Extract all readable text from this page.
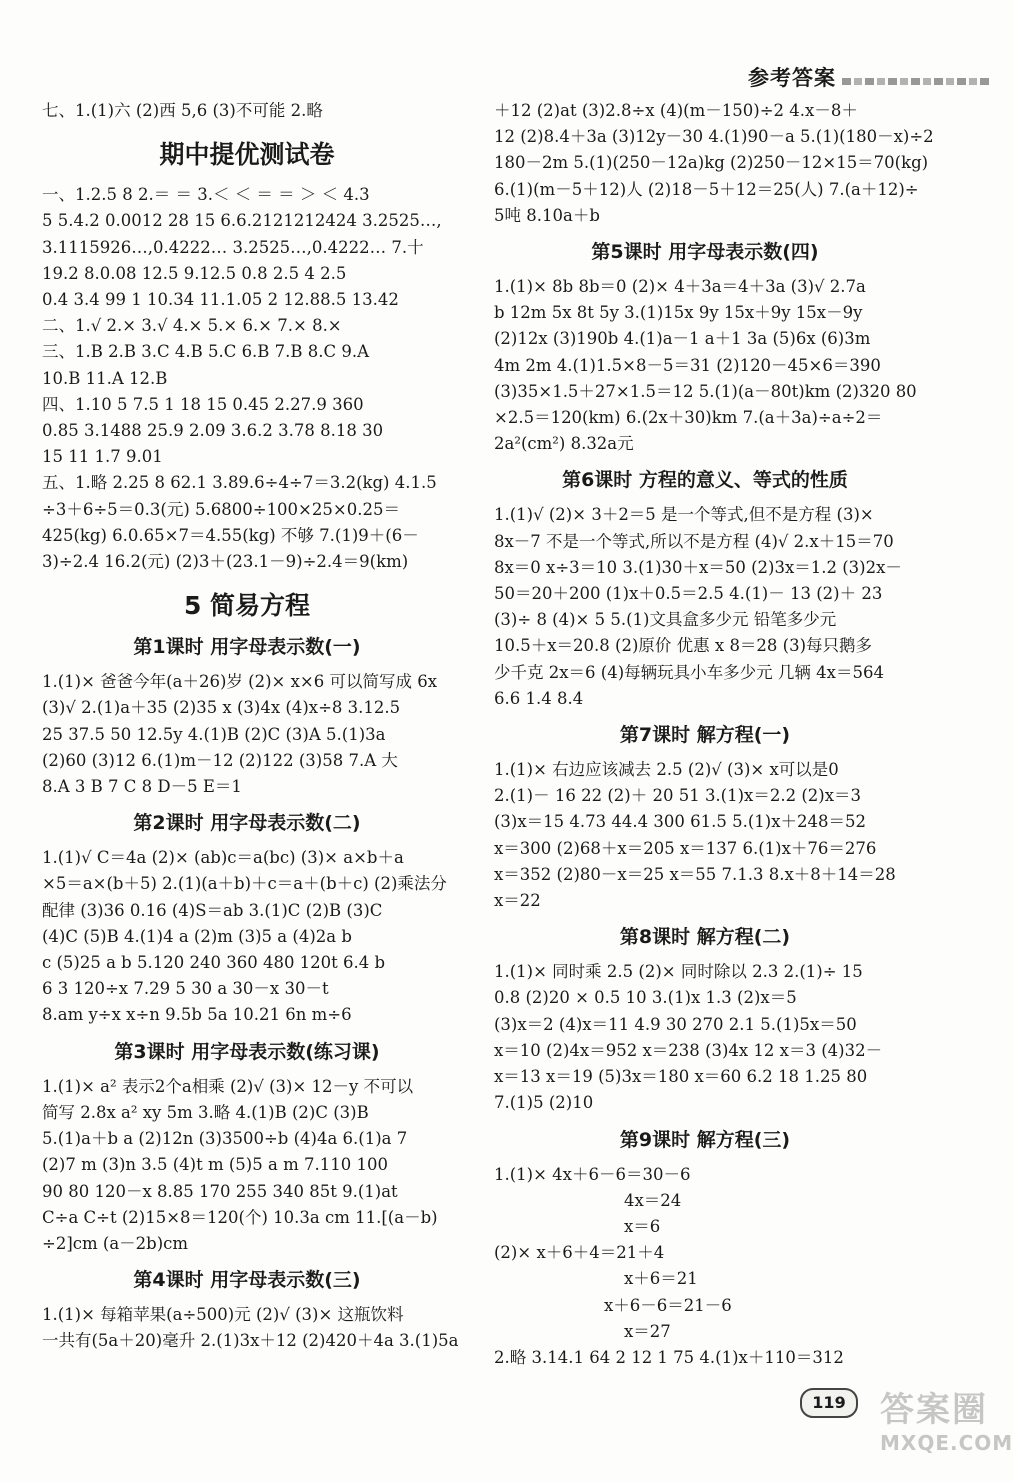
参考答案

七、1.(1)六 (2)西 5,6 (3)不可能 2.略

期中提优测试卷

一、1.2.5 8 2.＝ ＝ 3.＜ ＜ ＝ ＝ ＞ ＜ 4.3

5 5.4.2 0.0012 28 15 6.6.2121212424 3.2525…,

3.1115926…,0.4222… 3.2525…,0.4222… 7.十

19.2 8.0.08 12.5 9.12.5 0.8 2.5 4 2.5

0.4 3.4 99 1 10.34 11.1.05 2 12.88.5 13.42

二、1.√ 2.× 3.√ 4.× 5.× 6.× 7.× 8.×

三、1.B 2.B 3.C 4.B 5.C 6.B 7.B 8.C 9.A

10.B 11.A 12.B

四、1.10 5 7.5 1 18 15 0.45 2.27.9 360

0.85 3.1488 25.9 2.09 3.6.2 3.78 8.18 30

15 11 1.7 9.01

五、1.略 2.25 8 62.1 3.89.6÷4÷7＝3.2(kg) 4.1.5

÷3＋6÷5＝0.3(元) 5.6800÷100×25×0.25＝

425(kg) 6.0.65×7＝4.55(kg) 不够 7.(1)9＋(6－

3)÷2.4 16.2(元) (2)3＋(23.1－9)÷2.4＝9(km)

5 简易方程
第1课时 用字母表示数(一)

1.(1)× 爸爸今年(a＋26)岁 (2)× x×6 可以简写成 6x

(3)√ 2.(1)a＋35 (2)35 x (3)4x (4)x÷8 3.12.5

25 37.5 50 12.5y 4.(1)B (2)C (3)A 5.(1)3a

(2)60 (3)12 6.(1)m－12 (2)122 (3)58 7.A 大

8.A 3 B 7 C 8 D－5 E＝1

第2课时 用字母表示数(二)

1.(1)√ C＝4a (2)× (ab)c＝a(bc) (3)× a×b＋a

×5＝a×(b＋5) 2.(1)(a＋b)＋c＝a＋(b＋c) (2)乘法分

配律 (3)36 0.16 (4)S＝ab 3.(1)C (2)B (3)C

(4)C (5)B 4.(1)4 a (2)m (3)5 a (4)2a b

c (5)25 a b 5.120 240 360 480 120t 6.4 b

6 3 120÷x 7.29 5 30 a 30－x 30－t

8.am y÷x x÷n 9.5b 5a 10.21 6n m÷6

第3课时 用字母表示数(练习课)

1.(1)× a² 表示2个a相乘 (2)√ (3)× 12－y 不可以

简写 2.8x a² xy 5m 3.略 4.(1)B (2)C (3)B

5.(1)a＋b a (2)12n (3)3500÷b (4)4a 6.(1)a 7

(2)7 m (3)n 3.5 (4)t m (5)5 a m 7.110 100

90 80 120－x 8.85 170 255 340 85t 9.(1)at

C÷a C÷t (2)15×8＝120(个) 10.3a cm 11.[(a－b)

÷2]cm (a－2b)cm

第4课时 用字母表示数(三)

1.(1)× 每箱苹果(a÷500)元 (2)√ (3)× 这瓶饮料

一共有(5a＋20)毫升 2.(1)3x＋12 (2)420＋4a 3.(1)5a

＋12 (2)at (3)2.8÷x (4)(m－150)÷2 4.x－8＋

12 (2)8.4＋3a (3)12y－30 4.(1)90－a 5.(1)(180－x)÷2

180－2m 5.(1)(250－12a)kg (2)250－12×15＝70(kg)

6.(1)(m－5＋12)人 (2)18－5＋12＝25(人) 7.(a＋12)÷

5吨 8.10a＋b

第5课时 用字母表示数(四)

1.(1)× 8b 8b＝0 (2)× 4＋3a＝4＋3a (3)√ 2.7a

b 12m 5x 8t 5y 3.(1)15x 9y 15x＋9y 15x－9y

(2)12x (3)190b 4.(1)a－1 a＋1 3a (5)6x (6)3m

4m 2m 4.(1)1.5×8－5＝31 (2)120－45×6＝390

(3)35×1.5＋27×1.5＝12 5.(1)(a－80t)km (2)320 80

×2.5＝120(km) 6.(2x＋30)km 7.(a＋3a)÷a÷2＝

2a²(cm²) 8.32a元

第6课时 方程的意义、等式的性质

1.(1)√ (2)× 3＋2＝5 是一个等式,但不是方程 (3)×

8x－7 不是一个等式,所以不是方程 (4)√ 2.x＋15＝70

8x＝0 x÷3＝10 3.(1)30＋x＝50 (2)3x＝1.2 (3)2x－

50＝20＋200 (1)x＋0.5＝2.5 4.(1)－ 13 (2)＋ 23

(3)÷ 8 (4)× 5 5.(1)文具盒多少元 铅笔多少元

10.5＋x＝20.8 (2)原价 优惠 x 8＝28 (3)每只鹅多

少千克 2x＝6 (4)每辆玩具小车多少元 几辆 4x＝564

6.6 1.4 8.4

第7课时 解方程(一)

1.(1)× 右边应该减去 2.5 (2)√ (3)× x可以是0

2.(1)－ 16 22 (2)＋ 20 51 3.(1)x＝2.2 (2)x＝3

(3)x＝15 4.73 44.4 300 61.5 5.(1)x＋248＝52

x＝300 (2)68＋x＝205 x＝137 6.(1)x＋76＝276

x＝352 (2)80－x＝25 x＝55 7.1.3 8.x＋8＋14＝28

x＝22

第8课时 解方程(二)

1.(1)× 同时乘 2.5 (2)× 同时除以 2.3 2.(1)÷ 15

0.8 (2)20 × 0.5 10 3.(1)x 1.3 (2)x＝5

(3)x＝2 (4)x＝11 4.9 30 270 2.1 5.(1)5x＝50

x＝10 (2)4x＝952 x＝238 (3)4x 12 x＝3 (4)32－

x＝13 x＝19 (5)3x＝180 x＝60 6.2 18 1.25 80

7.(1)5 (2)10

第9课时 解方程(三)

1.(1)× 4x＋6－6＝30－6

4x＝24

x＝6

(2)× x＋6＋4＝21＋4

x＋6＝21

x＋6－6＝21－6

x＝27

2.略 3.14.1 64 2 12 1 75 4.(1)x＋110＝312

119	答案圈
MXQE.COM
